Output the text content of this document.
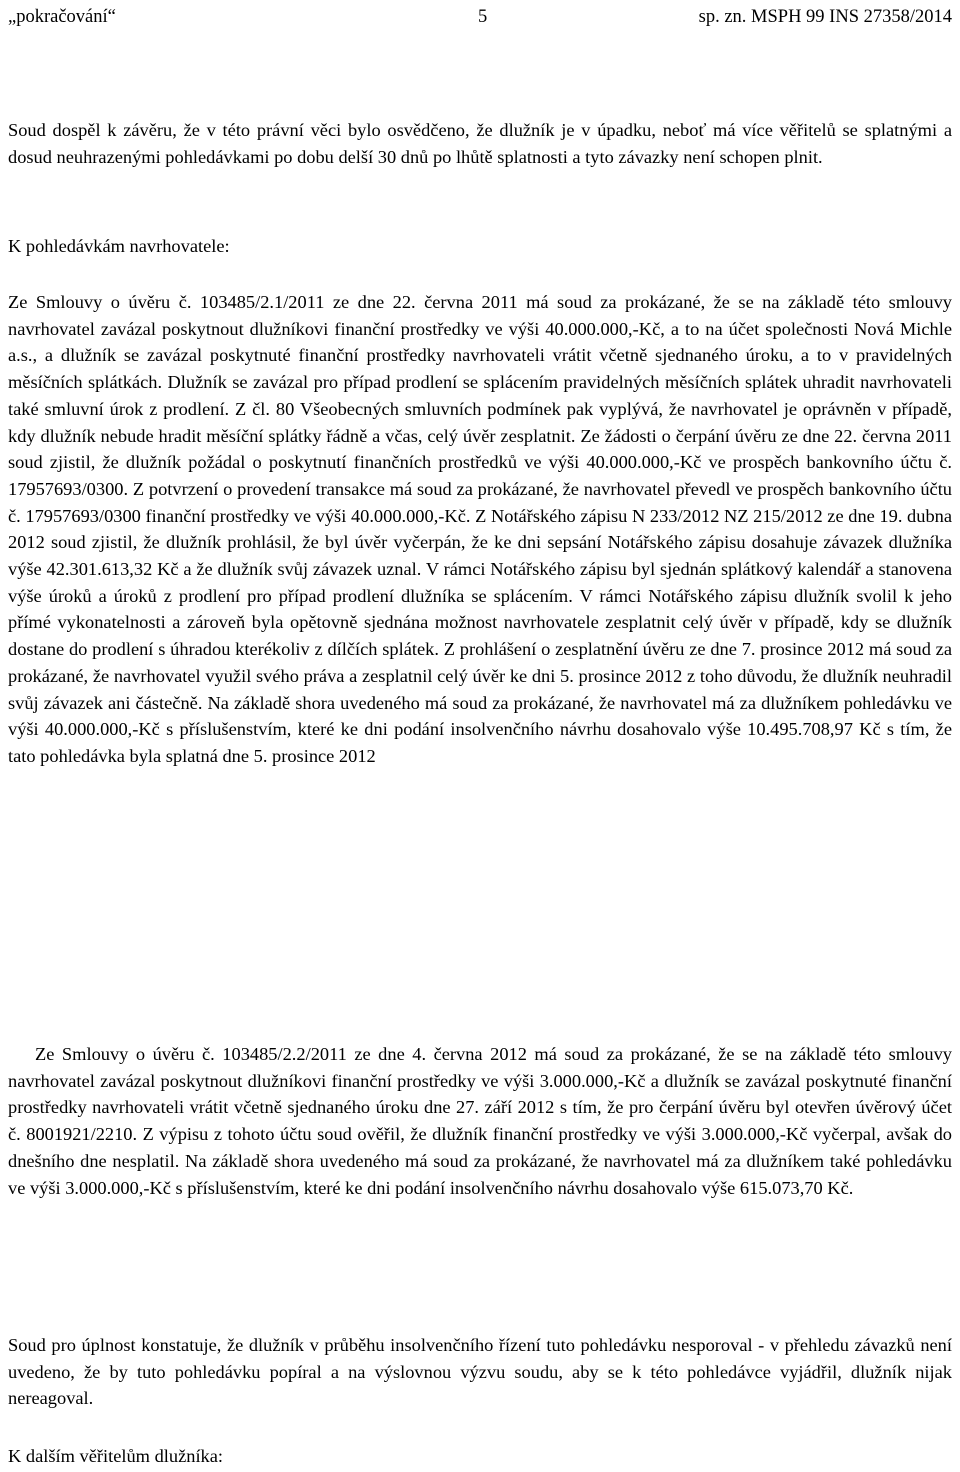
„pokračování“	5	sp. zn. MSPH 99 INS 27358/2014

Soud dospěl k závěru, že v této právní věci bylo osvědčeno, že dlužník je v úpadku, neboť má více věřitelů se splatnými a dosud neuhrazenými pohledávkami po dobu delší 30 dnů po lhůtě splatnosti a tyto závazky není schopen plnit.

K pohledávkám navrhovatele:

Ze Smlouvy o úvěru č. 103485/2.1/2011 ze dne 22. června 2011 má soud za prokázané, že se na základě této smlouvy navrhovatel zavázal poskytnout dlužníkovi finanční prostředky ve výši 40.000.000,-Kč, a to na účet společnosti Nová Michle a.s., a dlužník se zavázal poskytnuté finanční prostředky navrhovateli vrátit včetně sjednaného úroku, a to v pravidelných měsíčních splátkách. Dlužník se zavázal pro případ prodlení se splácením pravidelných měsíčních splátek uhradit navrhovateli také smluvní úrok z prodlení. Z čl. 80 Všeobecných smluvních podmínek pak vyplývá, že navrhovatel je oprávněn v případě, kdy dlužník nebude hradit měsíční splátky řádně a včas, celý úvěr zesplatnit. Ze žádosti o čerpání úvěru ze dne 22. června 2011 soud zjistil, že dlužník požádal o poskytnutí finančních prostředků ve výši 40.000.000,-Kč ve prospěch bankovního účtu č. 17957693/0300. Z potvrzení o provedení transakce má soud za prokázané, že navrhovatel převedl ve prospěch bankovního účtu č. 17957693/0300 finanční prostředky ve výši 40.000.000,-Kč. Z Notářského zápisu N 233/2012 NZ 215/2012 ze dne 19. dubna 2012 soud zjistil, že dlužník prohlásil, že byl úvěr vyčerpán, že ke dni sepsání Notářského zápisu dosahuje závazek dlužníka výše 42.301.613,32 Kč a že dlužník svůj závazek uznal. V rámci Notářského zápisu byl sjednán splátkový kalendář a stanovena výše úroků a úroků z prodlení pro případ prodlení dlužníka se splácením. V rámci Notářského zápisu dlužník svolil k jeho přímé vykonatelnosti a zároveň byla opětovně sjednána možnost navrhovatele zesplatnit celý úvěr v případě, kdy se dlužník dostane do prodlení s úhradou kterékoliv z dílčích splátek. Z prohlášení o zesplatnění úvěru ze dne 7. prosince 2012 má soud za prokázané, že navrhovatel využil svého práva a zesplatnil celý úvěr ke dni 5. prosince 2012 z toho důvodu, že dlužník neuhradil svůj závazek ani částečně. Na základě shora uvedeného má soud za prokázané, že navrhovatel má za dlužníkem pohledávku ve výši 40.000.000,-Kč s příslušenstvím, které ke dni podání insolvenčního návrhu dosahovalo výše 10.495.708,97 Kč s tím, že tato pohledávka byla splatná dne 5. prosince 2012

Ze Smlouvy o úvěru č. 103485/2.2/2011 ze dne 4. června 2012 má soud za prokázané, že se na základě této smlouvy navrhovatel zavázal poskytnout dlužníkovi finanční prostředky ve výši 3.000.000,-Kč a dlužník se zavázal poskytnuté finanční prostředky navrhovateli vrátit včetně sjednaného úroku dne 27. září 2012 s tím, že pro čerpání úvěru byl otevřen úvěrový účet č. 8001921/2210. Z výpisu z tohoto účtu soud ověřil, že dlužník finanční prostředky ve výši 3.000.000,-Kč vyčerpal, avšak do dnešního dne nesplatil. Na základě shora uvedeného má soud za prokázané, že navrhovatel má za dlužníkem také pohledávku ve výši 3.000.000,-Kč s příslušenstvím, které ke dni podání insolvenčního návrhu dosahovalo výše 615.073,70 Kč.

Soud pro úplnost konstatuje, že dlužník v průběhu insolvenčního řízení tuto pohledávku nesporoval - v přehledu závazků není uvedeno, že by tuto pohledávku popíral a na výslovnou výzvu soudu, aby se k této pohledávce vyjádřil, dlužník nijak nereagoval.

K dalším věřitelům dlužníka:
